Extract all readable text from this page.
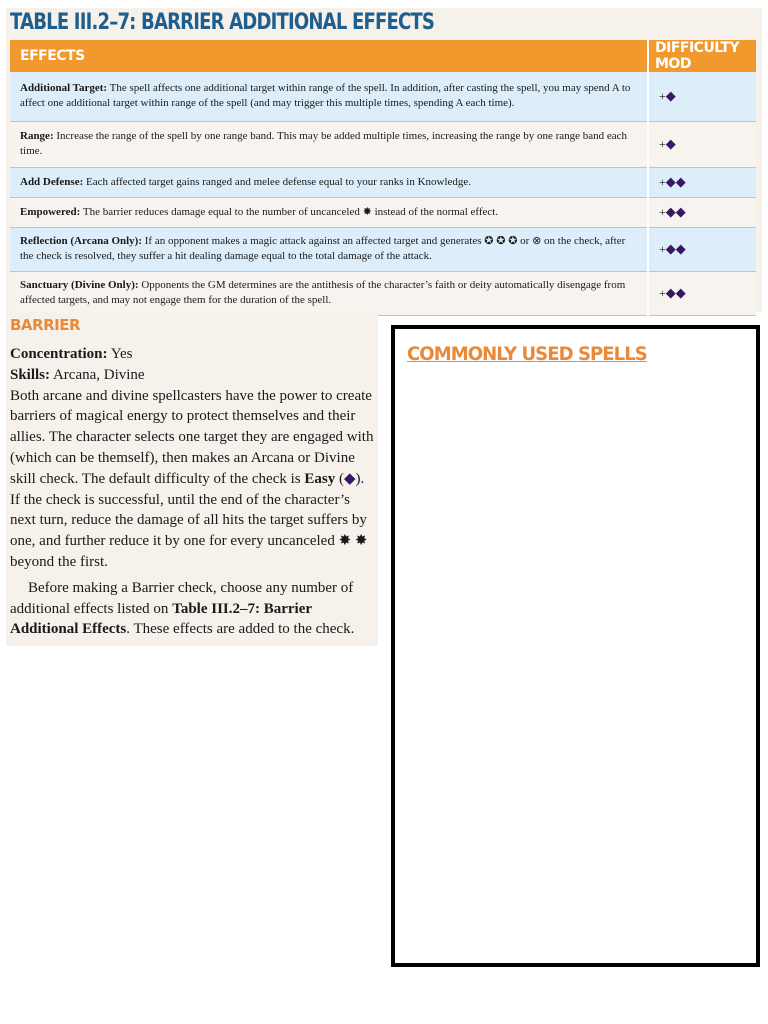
TABLE III.2–7: BARRIER ADDITIONAL EFFECTS
EFFECTS	DIFFICULTY MOD
Additional Target: The spell affects one additional target within range of the spell. In addition, after casting the spell, you may spend A to affect one additional target within range of the spell (and may trigger this multiple times, spending A each time).	+◆
Range: Increase the range of the spell by one range band. This may be added multiple times, increasing the range by one range band each time.	+◆
Add Defense: Each affected target gains ranged and melee defense equal to your ranks in Knowledge.	+◆◆
Empowered: The barrier reduces damage equal to the number of uncanceled ✸ instead of the normal effect.	+◆◆
Reflection (Arcana Only): If an opponent makes a magic attack against an affected target and generates ✪ ✪ ✪ or ⊗ on the check, after the check is resolved, they suffer a hit dealing damage equal to the total damage of the attack.	+◆◆
Sanctuary (Divine Only): Opponents the GM determines are the antithesis of the character’s faith or deity automatically disengage from affected targets, and may not engage them for the duration of the spell.	+◆◆
BARRIER

Concentration: Yes

Skills: Arcana, Divine

Both arcane and divine spellcasters have the power to create barriers of magical energy to protect themselves and their allies. The character selects one target they are engaged with (which can be themself), then makes an Arcana or Divine skill check. The default difficulty of the check is Easy (◆). If the check is successful, until the end of the character’s next turn, reduce the damage of all hits the target suffers by one, and further reduce it by one for every uncanceled ✸ ✸ beyond the first.

Before making a Barrier check, choose any number of additional effects listed on Table III.2–7: Barrier Additional Effects. These effects are added to the check.

COMMONLY USED SPELLS
